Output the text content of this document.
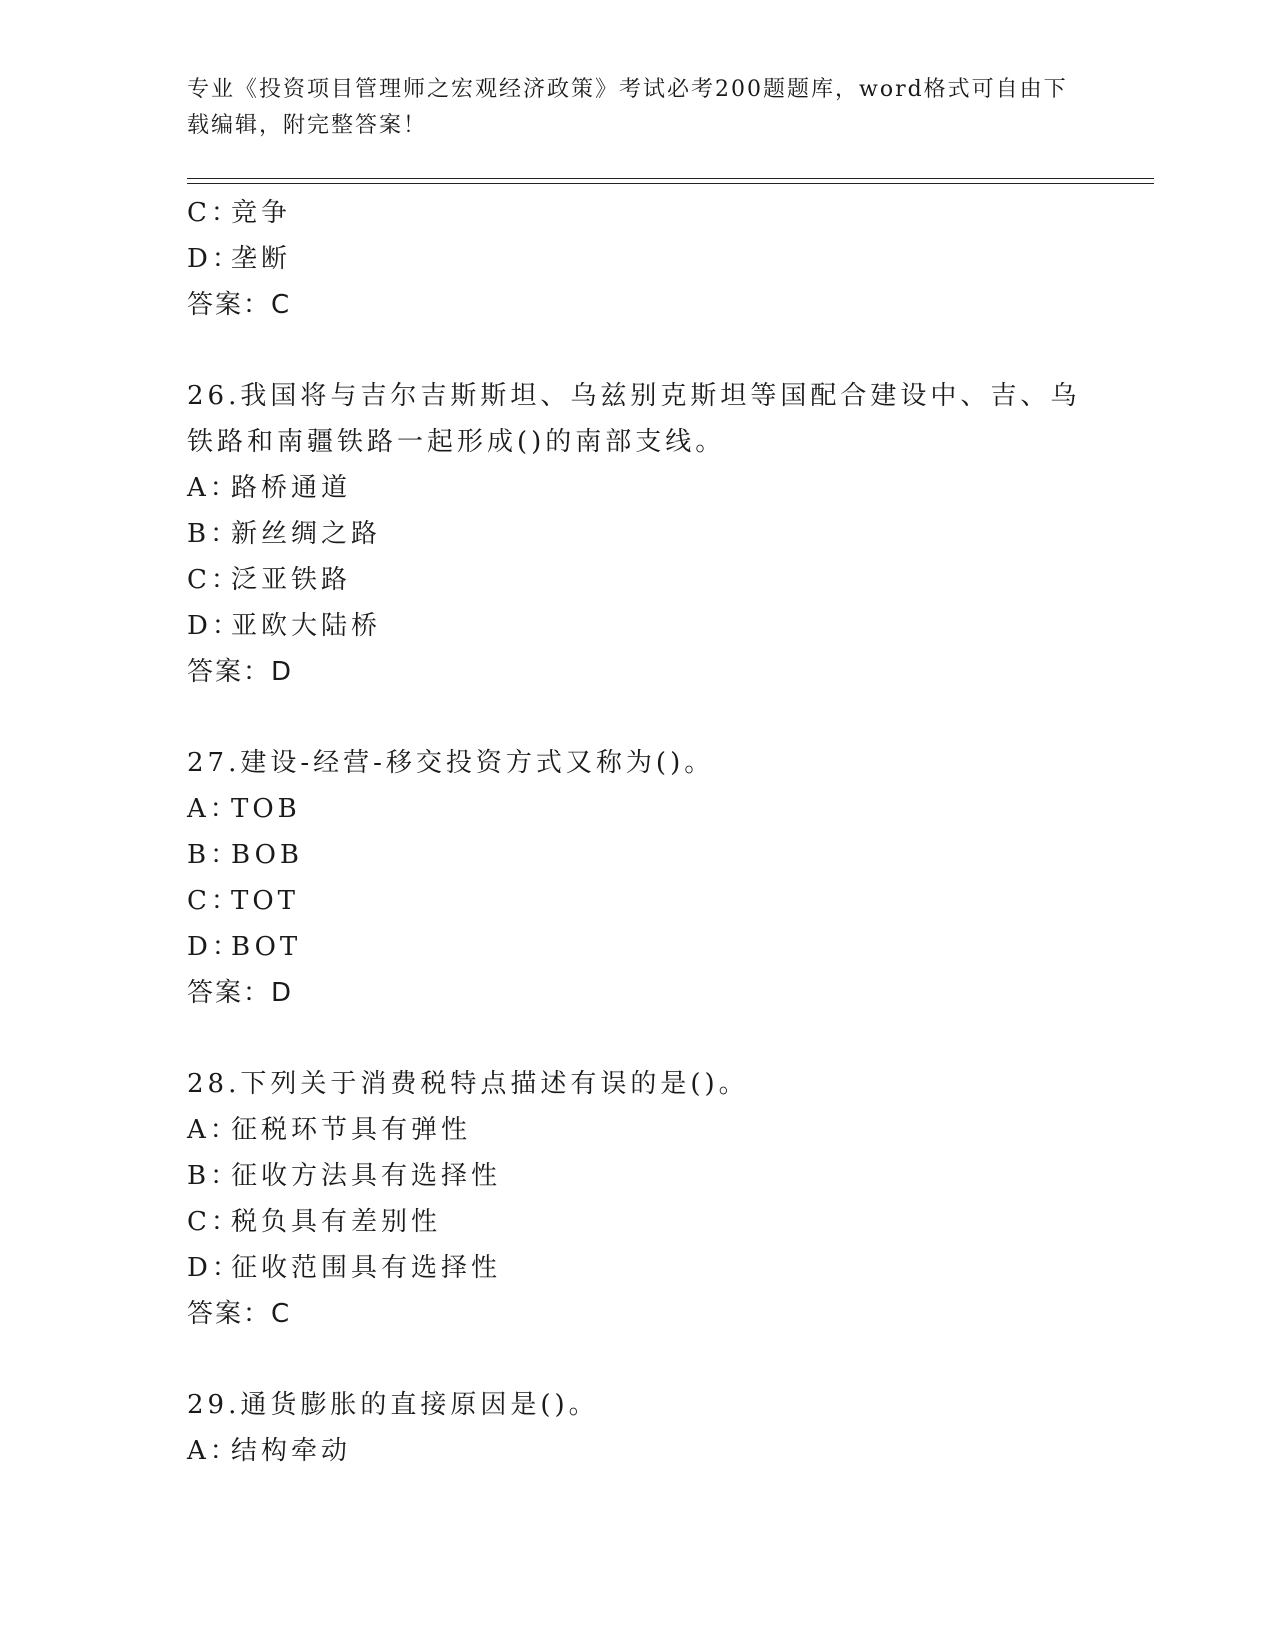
专业《投资项目管理师之宏观经济政策》考试必考200题题库，word格式可自由下载编辑，附完整答案！
C：竞争
D：垄断
答案：C
26.我国将与吉尔吉斯斯坦、乌兹别克斯坦等国配合建设中、吉、乌铁路和南疆铁路一起形成()的南部支线。
A：路桥通道
B：新丝绸之路
C：泛亚铁路
D：亚欧大陆桥
答案：D
27.建设-经营-移交投资方式又称为()。
A：TOB
B：BOB
C：TOT
D：BOT
答案：D
28.下列关于消费税特点描述有误的是()。
A：征税环节具有弹性
B：征收方法具有选择性
C：税负具有差别性
D：征收范围具有选择性
答案：C
29.通货膨胀的直接原因是()。
A：结构牵动
